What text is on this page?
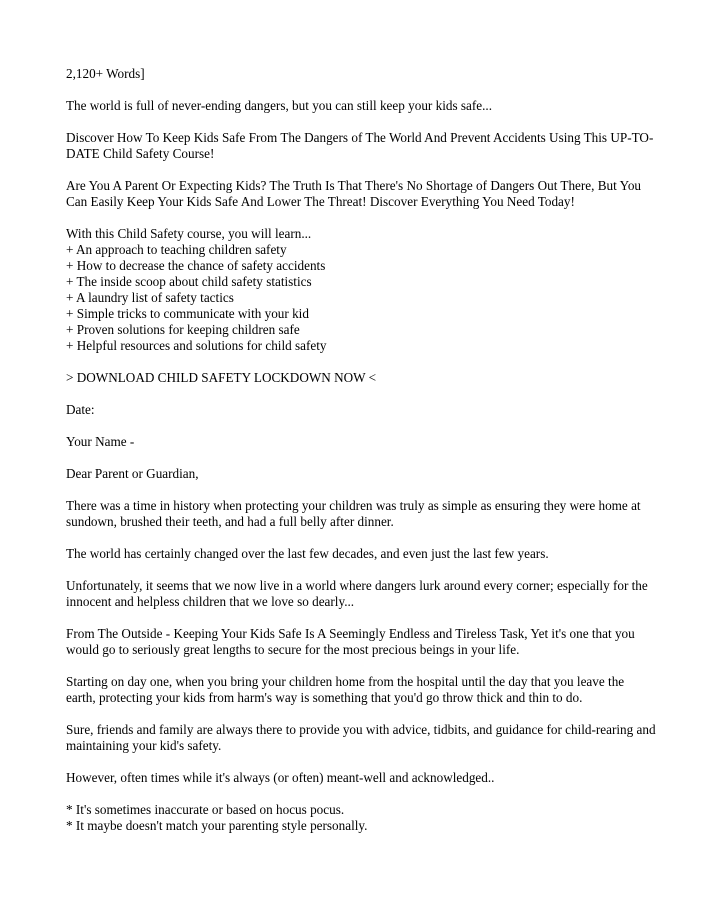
2,120+ Words]

The world is full of never-ending dangers, but you can still keep your kids safe...

Discover How To Keep Kids Safe From The Dangers of The World And Prevent Accidents Using This UP-TO-DATE Child Safety Course!

Are You A Parent Or Expecting Kids? The Truth Is That There's No Shortage of Dangers Out There, But You Can Easily Keep Your Kids Safe And Lower The Threat! Discover Everything You Need Today!

With this Child Safety course, you will learn...

+ An approach to teaching children safety
+ How to decrease the chance of safety accidents
+ The inside scoop about child safety statistics
+ A laundry list of safety tactics
+ Simple tricks to communicate with your kid
+ Proven solutions for keeping children safe
+ Helpful resources and solutions for child safety

> DOWNLOAD CHILD SAFETY LOCKDOWN NOW <

Date:

Your Name -

Dear Parent or Guardian,

There was a time in history when protecting your children was truly as simple as ensuring they were home at sundown, brushed their teeth, and had a full belly after dinner.

The world has certainly changed over the last few decades, and even just the last few years.

Unfortunately, it seems that we now live in a world where dangers lurk around every corner; especially for the innocent and helpless children that we love so dearly...

From The Outside - Keeping Your Kids Safe Is A Seemingly Endless and Tireless Task, Yet it's one that you would go to seriously great lengths to secure for the most precious beings in your life.

Starting on day one, when you bring your children home from the hospital until the day that you leave the earth, protecting your kids from harm's way is something that you'd go throw thick and thin to do.

Sure, friends and family are always there to provide you with advice, tidbits, and guidance for child-rearing and maintaining your kid's safety.

However, often times while it's always (or often) meant-well and acknowledged..

* It's sometimes inaccurate or based on hocus pocus.
* It maybe doesn't match your parenting style personally.
